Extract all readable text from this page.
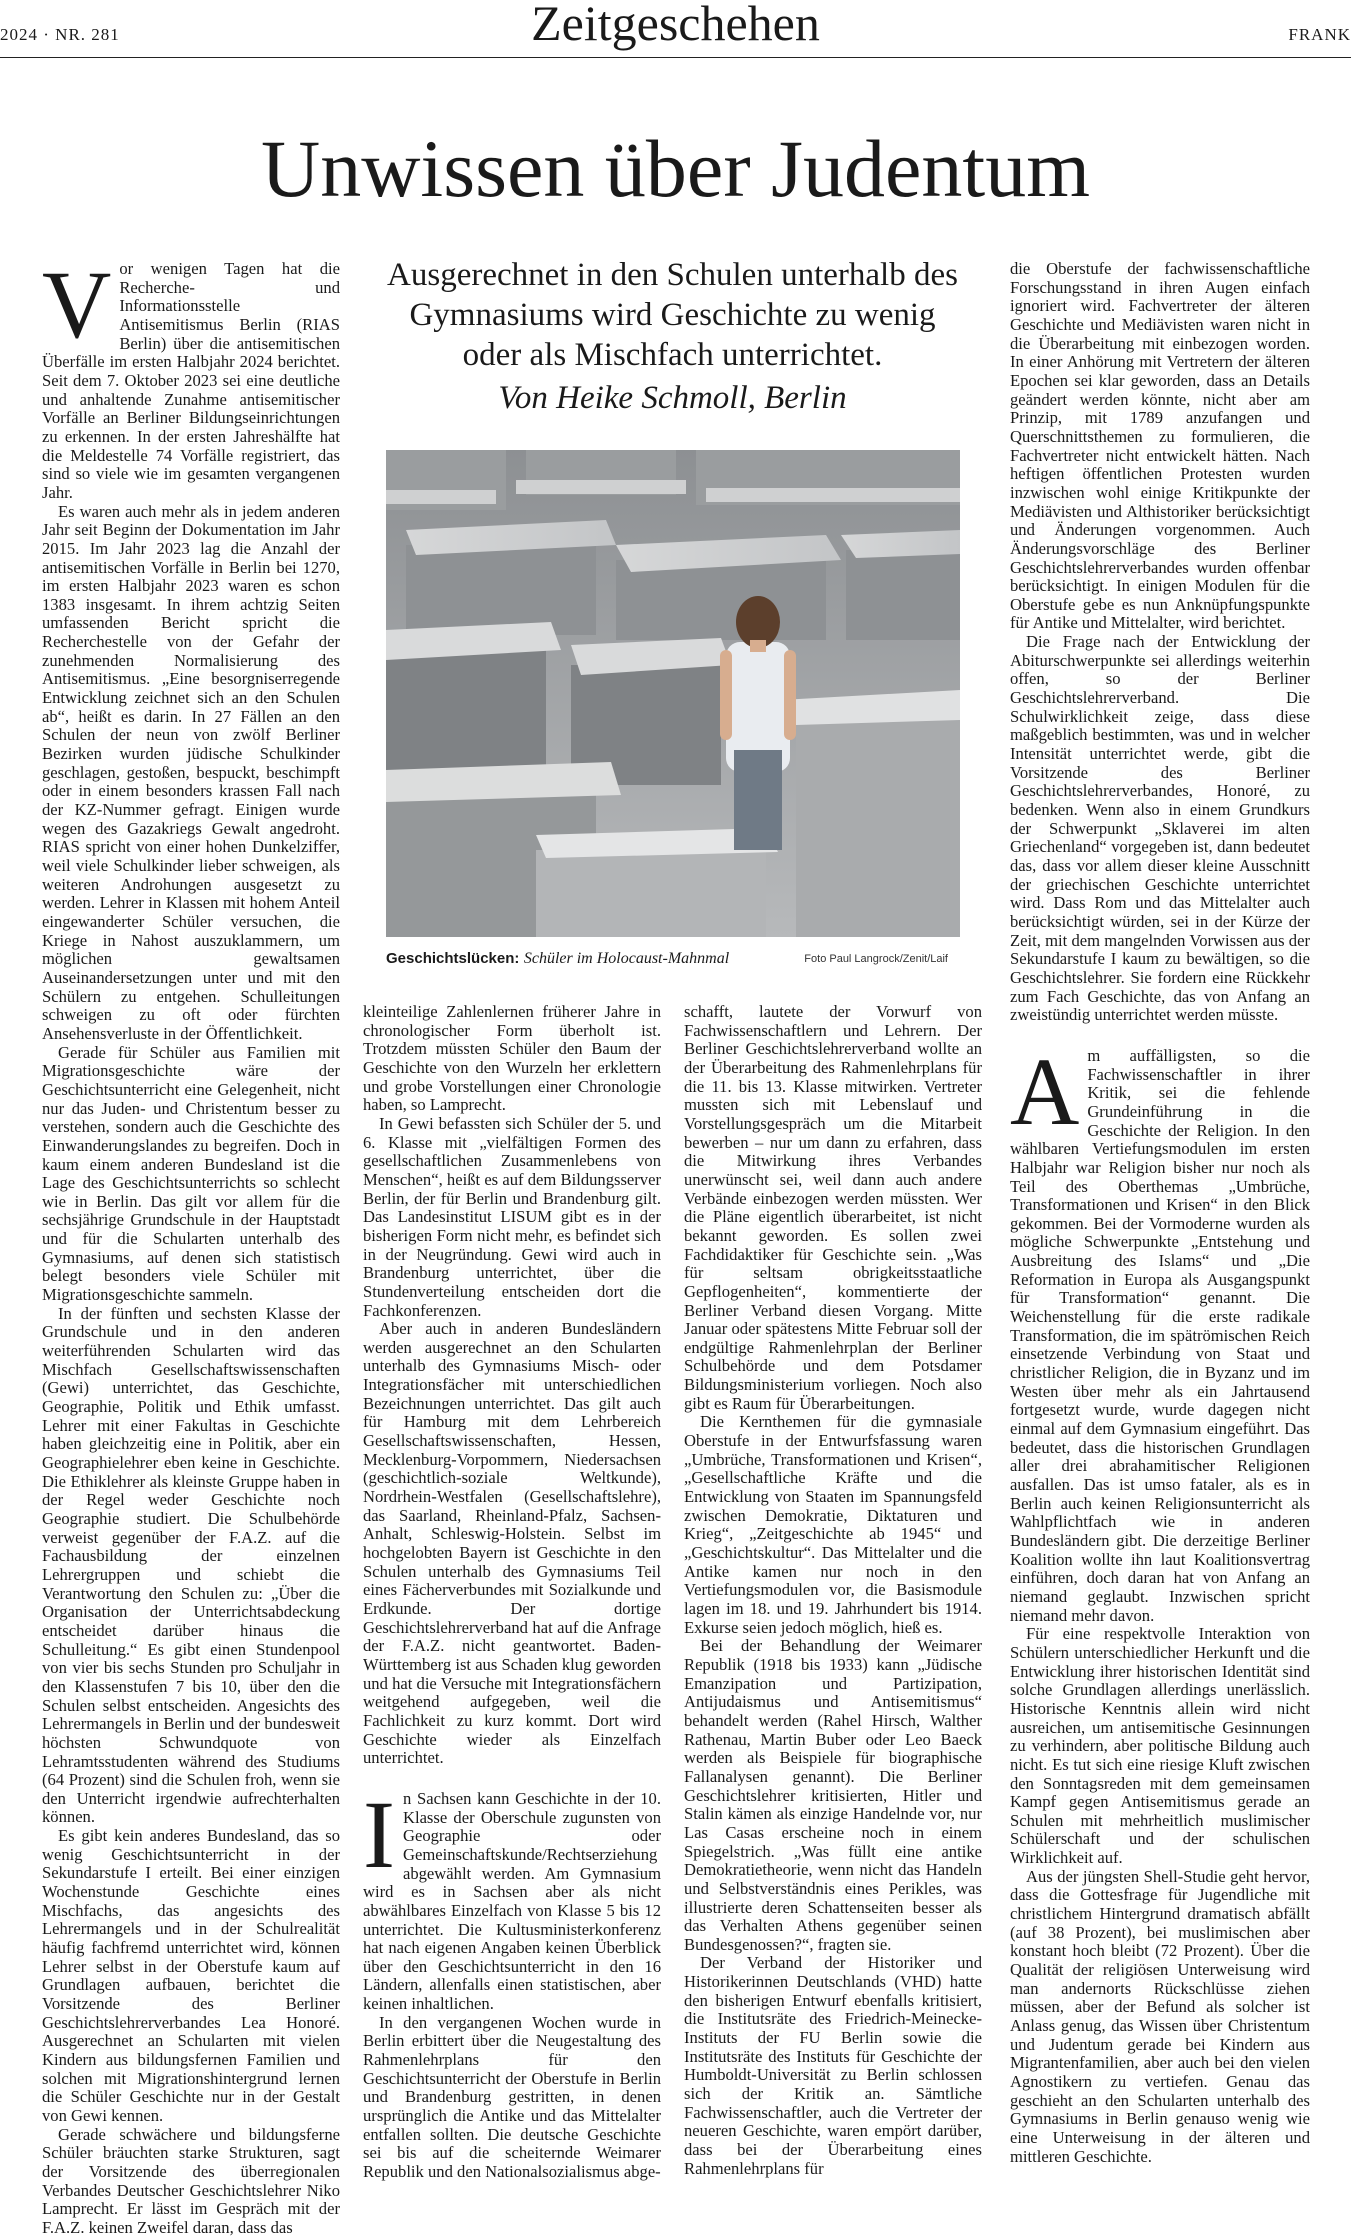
2024 · NR. 281	Zeitgeschehen	FRANK
Unwissen über Judentum
Ausgerechnet in den Schulen unterhalb des Gymnasiums wird Geschichte zu wenig oder als Mischfach unterrichtet.
Von Heike Schmoll, Berlin
Geschichtslücken: Schüler im Holocaust-Mahnmal	Foto Paul Langrock/Zenit/Laif
V or wenigen Tagen hat die Recherche- und Informationsstelle Antisemitismus Berlin (RIAS Berlin) über die antisemitischen Überfälle im ersten Halbjahr 2024 berichtet. Seit dem 7. Oktober 2023 sei eine deutliche und anhaltende Zunahme antisemitischer Vorfälle an Berliner Bildungseinrichtungen zu erkennen. In der ersten Jahreshälfte hat die Meldestelle 74 Vorfälle registriert, das sind so viele wie im gesamten vergangenen Jahr.

Es waren auch mehr als in jedem anderen Jahr seit Beginn der Dokumentation im Jahr 2015. Im Jahr 2023 lag die Anzahl der antisemitischen Vorfälle in Berlin bei 1270, im ersten Halbjahr 2023 waren es schon 1383 insgesamt. In ihrem achtzig Seiten umfassenden Bericht spricht die Recherchestelle von der Gefahr der zunehmenden Normalisierung des Antisemitismus. „Eine besorgniserregende Entwicklung zeichnet sich an den Schulen ab“, heißt es darin. In 27 Fällen an den Schulen der neun von zwölf Berliner Bezirken wurden jüdische Schulkinder geschlagen, gestoßen, bespuckt, beschimpft oder in einem besonders krassen Fall nach der KZ-Nummer gefragt. Einigen wurde wegen des Gazakriegs Gewalt angedroht. RIAS spricht von einer hohen Dunkelziffer, weil viele Schulkinder lieber schweigen, als weiteren Androhungen ausgesetzt zu werden. Lehrer in Klassen mit hohem Anteil eingewanderter Schüler versuchen, die Kriege in Nahost auszuklammern, um möglichen gewaltsamen Auseinandersetzungen unter und mit den Schülern zu entgehen. Schulleitungen schweigen zu oft oder fürchten Ansehensverluste in der Öffentlichkeit.

Gerade für Schüler aus Familien mit Migrationsgeschichte wäre der Geschichtsunterricht eine Gelegenheit, nicht nur das Juden- und Christentum besser zu verstehen, sondern auch die Geschichte des Einwanderungslandes zu begreifen. Doch in kaum einem anderen Bundesland ist die Lage des Geschichtsunterrichts so schlecht wie in Berlin. Das gilt vor allem für die sechsjährige Grundschule in der Hauptstadt und für die Schularten unterhalb des Gymnasiums, auf denen sich statistisch belegt besonders viele Schüler mit Migrationsgeschichte sammeln.

In der fünften und sechsten Klasse der Grundschule und in den anderen weiterführenden Schularten wird das Mischfach Gesellschaftswissenschaften (Gewi) unterrichtet, das Geschichte, Geographie, Politik und Ethik umfasst. Lehrer mit einer Fakultas in Geschichte haben gleichzeitig eine in Politik, aber ein Geographielehrer eben keine in Geschichte. Die Ethiklehrer als kleinste Gruppe haben in der Regel weder Geschichte noch Geographie studiert. Die Schulbehörde verweist gegenüber der F.A.Z. auf die Fachausbildung der einzelnen Lehrergruppen und schiebt die Verantwortung den Schulen zu: „Über die Organisation der Unterrichtsabdeckung entscheidet darüber hinaus die Schulleitung.“ Es gibt einen Stundenpool von vier bis sechs Stunden pro Schuljahr in den Klassenstufen 7 bis 10, über den die Schulen selbst entscheiden. Angesichts des Lehrermangels in Berlin und der bundesweit höchsten Schwundquote von Lehramtsstudenten während des Studiums (64 Prozent) sind die Schulen froh, wenn sie den Unterricht irgendwie aufrechterhalten können.

Es gibt kein anderes Bundesland, das so wenig Geschichtsunterricht in der Sekundarstufe I erteilt. Bei einer einzigen Wochenstunde Geschichte eines Mischfachs, das angesichts des Lehrermangels und in der Schulrealität häufig fachfremd unterrichtet wird, können Lehrer selbst in der Oberstufe kaum auf Grundlagen aufbauen, berichtet die Vorsitzende des Berliner Geschichtslehrerverbandes Lea Honoré. Ausgerechnet an Schularten mit vielen Kindern aus bildungsfernen Familien und solchen mit Migrationshintergrund lernen die Schüler Geschichte nur in der Gestalt von Gewi kennen.

Gerade schwächere und bildungsferne Schüler bräuchten starke Strukturen, sagt der Vorsitzende des überregionalen Verbandes Deutscher Geschichtslehrer Niko Lamprecht. Er lässt im Gespräch mit der F.A.Z. keinen Zweifel daran, dass das

kleinteilige Zahlenlernen früherer Jahre in chronologischer Form überholt ist. Trotzdem müssten Schüler den Baum der Geschichte von den Wurzeln her erklettern und grobe Vorstellungen einer Chronologie haben, so Lamprecht.

In Gewi befassten sich Schüler der 5. und 6. Klasse mit „vielfältigen Formen des gesellschaftlichen Zusammenlebens von Menschen“, heißt es auf dem Bildungsserver Berlin, der für Berlin und Brandenburg gilt. Das Landesinstitut LISUM gibt es in der bisherigen Form nicht mehr, es befindet sich in der Neugründung. Gewi wird auch in Brandenburg unterrichtet, über die Stundenverteilung entscheiden dort die Fachkonferenzen.

Aber auch in anderen Bundesländern werden ausgerechnet an den Schularten unterhalb des Gymnasiums Misch- oder Integrationsfächer mit unterschiedlichen Bezeichnungen unterrichtet. Das gilt auch für Hamburg mit dem Lehrbereich Gesellschaftswissenschaften, Hessen, Mecklenburg-Vorpommern, Niedersachsen (geschichtlich-soziale Weltkunde), Nordrhein-Westfalen (Gesellschaftslehre), das Saarland, Rheinland-Pfalz, Sachsen-Anhalt, Schleswig-Holstein. Selbst im hochgelobten Bayern ist Geschichte in den Schulen unterhalb des Gymnasiums Teil eines Fächerverbundes mit Sozialkunde und Erdkunde. Der dortige Geschichtslehrerverband hat auf die Anfrage der F.A.Z. nicht geantwortet. Baden-Württemberg ist aus Schaden klug geworden und hat die Versuche mit Integrationsfächern weitgehend aufgegeben, weil die Fachlichkeit zu kurz kommt. Dort wird Geschichte wieder als Einzelfach unterrichtet.

I n Sachsen kann Geschichte in der 10. Klasse der Oberschule zugunsten von Geographie oder Gemeinschaftskunde/Rechtserziehung abgewählt werden. Am Gymnasium wird es in Sachsen aber als nicht abwählbares Einzelfach von Klasse 5 bis 12 unterrichtet. Die Kultusministerkonferenz hat nach eigenen Angaben keinen Überblick über den Geschichtsunterricht in den 16 Ländern, allenfalls einen statistischen, aber keinen inhaltlichen.

In den vergangenen Wochen wurde in Berlin erbittert über die Neugestaltung des Rahmenlehrplans für den Geschichtsunterricht der Oberstufe in Berlin und Brandenburg gestritten, in denen ursprünglich die Antike und das Mittelalter entfallen sollten. Die deutsche Geschichte sei bis auf die scheiternde Weimarer Republik und den Nationalsozialismus abge-

schafft, lautete der Vorwurf von Fachwissenschaftlern und Lehrern. Der Berliner Geschichtslehrerverband wollte an der Überarbeitung des Rahmenlehrplans für die 11. bis 13. Klasse mitwirken. Vertreter mussten sich mit Lebenslauf und Vorstellungsgespräch um die Mitarbeit bewerben – nur um dann zu erfahren, dass die Mitwirkung ihres Verbandes unerwünscht sei, weil dann auch andere Verbände einbezogen werden müssten. Wer die Pläne eigentlich überarbeitet, ist nicht bekannt geworden. Es sollen zwei Fachdidaktiker für Geschichte sein. „Was für seltsam obrigkeitsstaatliche Gepflogenheiten“, kommentierte der Berliner Verband diesen Vorgang. Mitte Januar oder spätestens Mitte Februar soll der endgültige Rahmenlehrplan der Berliner Schulbehörde und dem Potsdamer Bildungsministerium vorliegen. Noch also gibt es Raum für Überarbeitungen.

Die Kernthemen für die gymnasiale Oberstufe in der Entwurfsfassung waren „Umbrüche, Transformationen und Krisen“, „Gesellschaftliche Kräfte und die Entwicklung von Staaten im Spannungsfeld zwischen Demokratie, Diktaturen und Krieg“, „Zeitgeschichte ab 1945“ und „Geschichtskultur“. Das Mittelalter und die Antike kamen nur noch in den Vertiefungsmodulen vor, die Basismodule lagen im 18. und 19. Jahrhundert bis 1914. Exkurse seien jedoch möglich, hieß es.

Bei der Behandlung der Weimarer Republik (1918 bis 1933) kann „Jüdische Emanzipation und Partizipation, Antijudaismus und Antisemitismus“ behandelt werden (Rahel Hirsch, Walther Rathenau, Martin Buber oder Leo Baeck werden als Beispiele für biographische Fallanalysen genannt). Die Berliner Geschichtslehrer kritisierten, Hitler und Stalin kämen als einzige Handelnde vor, nur Las Casas erscheine noch in einem Spiegelstrich. „Was füllt eine antike Demokratietheorie, wenn nicht das Handeln und Selbstverständnis eines Perikles, was illustrierte deren Schattenseiten besser als das Verhalten Athens gegenüber seinen Bundesgenossen?“, fragten sie.

Der Verband der Historiker und Historikerinnen Deutschlands (VHD) hatte den bisherigen Entwurf ebenfalls kritisiert, die Institutsräte des Friedrich-Meinecke-Instituts der FU Berlin sowie die Institutsräte des Instituts für Geschichte der Humboldt-Universität zu Berlin schlossen sich der Kritik an. Sämtliche Fachwissenschaftler, auch die Vertreter der neueren Geschichte, waren empört darüber, dass bei der Überarbeitung eines Rahmenlehrplans für

die Oberstufe der fachwissenschaftliche Forschungsstand in ihren Augen einfach ignoriert wird. Fachvertreter der älteren Geschichte und Mediävisten waren nicht in die Überarbeitung mit einbezogen worden. In einer Anhörung mit Vertretern der älteren Epochen sei klar geworden, dass an Details geändert werden könnte, nicht aber am Prinzip, mit 1789 anzufangen und Querschnittsthemen zu formulieren, die Fachvertreter nicht entwickelt hätten. Nach heftigen öffentlichen Protesten wurden inzwischen wohl einige Kritikpunkte der Mediävisten und Althistoriker berücksichtigt und Änderungen vorgenommen. Auch Änderungsvorschläge des Berliner Geschichtslehrerverbandes wurden offenbar berücksichtigt. In einigen Modulen für die Oberstufe gebe es nun Anknüpfungspunkte für Antike und Mittelalter, wird berichtet.

Die Frage nach der Entwicklung der Abiturschwerpunkte sei allerdings weiterhin offen, so der Berliner Geschichtslehrerverband. Die Schulwirklichkeit zeige, dass diese maßgeblich bestimmten, was und in welcher Intensität unterrichtet werde, gibt die Vorsitzende des Berliner Geschichtslehrerverbandes, Honoré, zu bedenken. Wenn also in einem Grundkurs der Schwerpunkt „Sklaverei im alten Griechenland“ vorgegeben ist, dann bedeutet das, dass vor allem dieser kleine Ausschnitt der griechischen Geschichte unterrichtet wird. Dass Rom und das Mittelalter auch berücksichtigt würden, sei in der Kürze der Zeit, mit dem mangelnden Vorwissen aus der Sekundarstufe I kaum zu bewältigen, so die Geschichtslehrer. Sie fordern eine Rückkehr zum Fach Geschichte, das von Anfang an zweistündig unterrichtet werden müsste.

A m auffälligsten, so die Fachwissenschaftler in ihrer Kritik, sei die fehlende Grundeinführung in die Geschichte der Religion. In den wählbaren Vertiefungsmodulen im ersten Halbjahr war Religion bisher nur noch als Teil des Oberthemas „Umbrüche, Transformationen und Krisen“ in den Blick gekommen. Bei der Vormoderne wurden als mögliche Schwerpunkte „Entstehung und Ausbreitung des Islams“ und „Die Reformation in Europa als Ausgangspunkt für Transformation“ genannt. Die Weichenstellung für die erste radikale Transformation, die im spätrömischen Reich einsetzende Verbindung von Staat und christlicher Religion, die in Byzanz und im Westen über mehr als ein Jahrtausend fortgesetzt wurde, wurde dagegen nicht einmal auf dem Gymnasium eingeführt. Das bedeutet, dass die historischen Grundlagen aller drei abrahamitischer Religionen ausfallen. Das ist umso fataler, als es in Berlin auch keinen Religionsunterricht als Wahlpflichtfach wie in anderen Bundesländern gibt. Die derzeitige Berliner Koalition wollte ihn laut Koalitionsvertrag einführen, doch daran hat von Anfang an niemand geglaubt. Inzwischen spricht niemand mehr davon.

Für eine respektvolle Interaktion von Schülern unterschiedlicher Herkunft und die Entwicklung ihrer historischen Identität sind solche Grundlagen allerdings unerlässlich. Historische Kenntnis allein wird nicht ausreichen, um antisemitische Gesinnungen zu verhindern, aber politische Bildung auch nicht. Es tut sich eine riesige Kluft zwischen den Sonntagsreden mit dem gemeinsamen Kampf gegen Antisemitismus gerade an Schulen mit mehrheitlich muslimischer Schülerschaft und der schulischen Wirklichkeit auf.

Aus der jüngsten Shell-Studie geht hervor, dass die Gottesfrage für Jugendliche mit christlichem Hintergrund dramatisch abfällt (auf 38 Prozent), bei muslimischen aber konstant hoch bleibt (72 Prozent). Über die Qualität der religiösen Unterweisung wird man andernorts Rückschlüsse ziehen müssen, aber der Befund als solcher ist Anlass genug, das Wissen über Christentum und Judentum gerade bei Kindern aus Migrantenfamilien, aber auch bei den vielen Agnostikern zu vertiefen. Genau das geschieht an den Schularten unterhalb des Gymnasiums in Berlin genauso wenig wie eine Unterweisung in der älteren und mittleren Geschichte.
